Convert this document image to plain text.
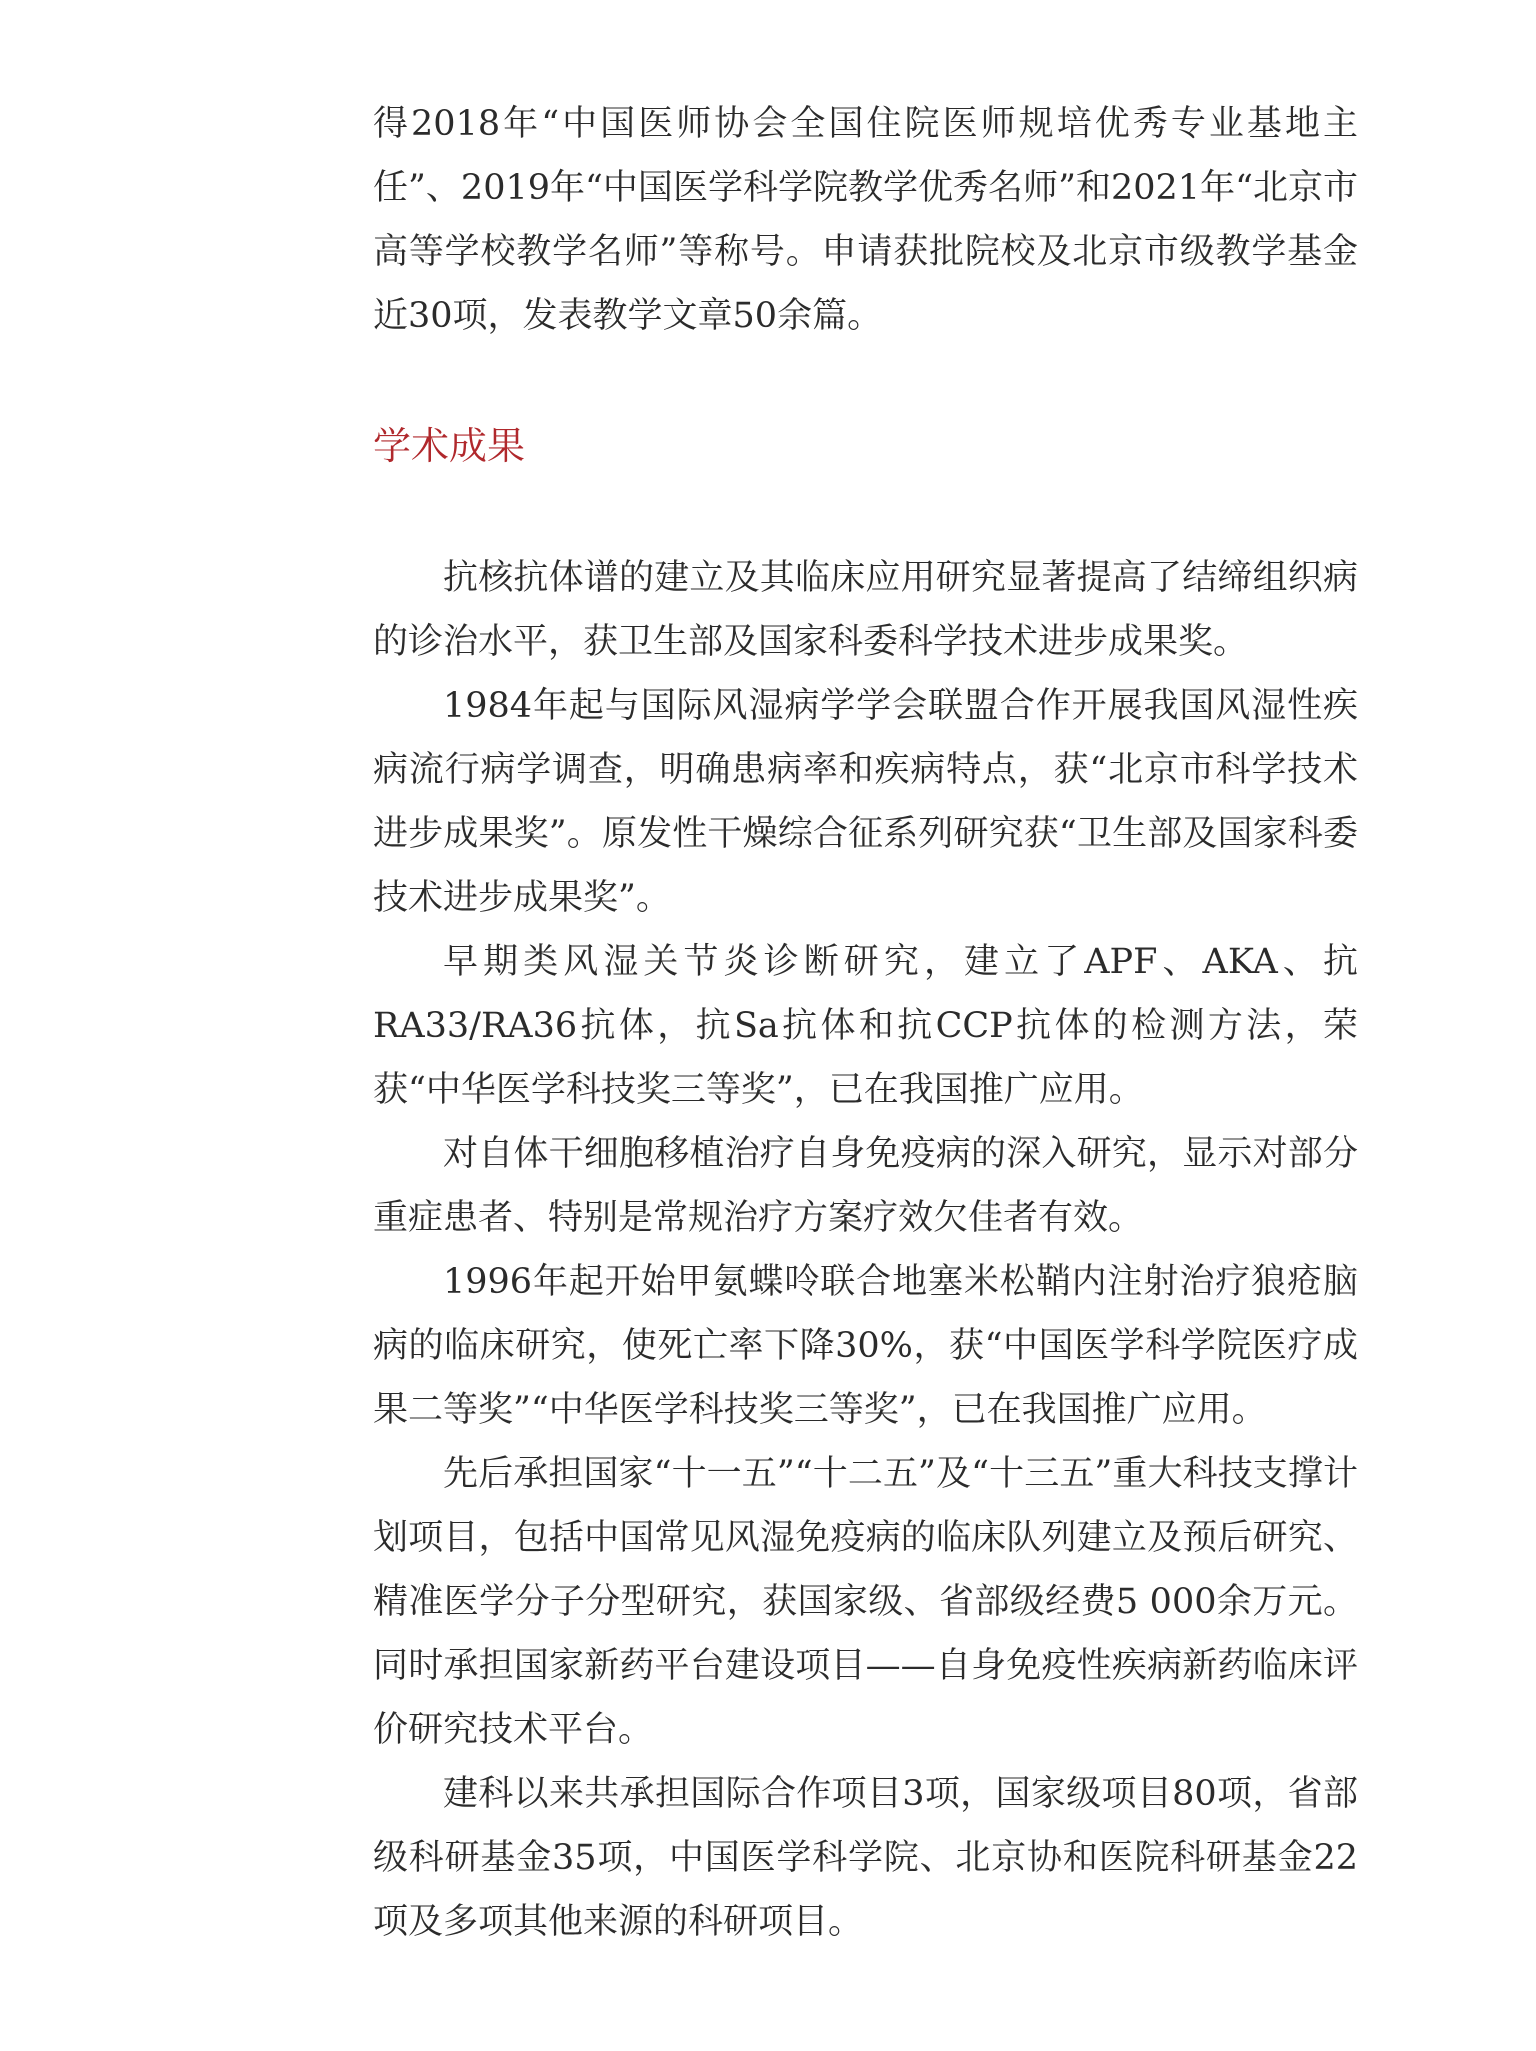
得2018年“中国医师协会全国住院医师规培优秀专业基地主任”、2019年“中国医学科学院教学优秀名师”和2021年“北京市高等学校教学名师”等称号。申请获批院校及北京市级教学基金近30项，发表教学文章50余篇。
学术成果

抗核抗体谱的建立及其临床应用研究显著提高了结缔组织病的诊治水平，获卫生部及国家科委科学技术进步成果奖。

1984年起与国际风湿病学学会联盟合作开展我国风湿性疾病流行病学调查，明确患病率和疾病特点，获“北京市科学技术进步成果奖”。原发性干燥综合征系列研究获“卫生部及国家科委技术进步成果奖”。

早期类风湿关节炎诊断研究，建立了APF、AKA、抗RA33/RA36抗体，抗Sa抗体和抗CCP抗体的检测方法，荣获“中华医学科技奖三等奖”，已在我国推广应用。

对自体干细胞移植治疗自身免疫病的深入研究，显示对部分重症患者、特别是常规治疗方案疗效欠佳者有效。

1996年起开始甲氨蝶呤联合地塞米松鞘内注射治疗狼疮脑病的临床研究，使死亡率下降30%，获“中国医学科学院医疗成果二等奖”“中华医学科技奖三等奖”，已在我国推广应用。

先后承担国家“十一五”“十二五”及“十三五”重大科技支撑计划项目，包括中国常见风湿免疫病的临床队列建立及预后研究、精准医学分子分型研究，获国家级、省部级经费5 000余万元。同时承担国家新药平台建设项目——自身免疫性疾病新药临床评价研究技术平台。

建科以来共承担国际合作项目3项，国家级项目80项，省部级科研基金35项，中国医学科学院、北京协和医院科研基金22项及多项其他来源的科研项目。
